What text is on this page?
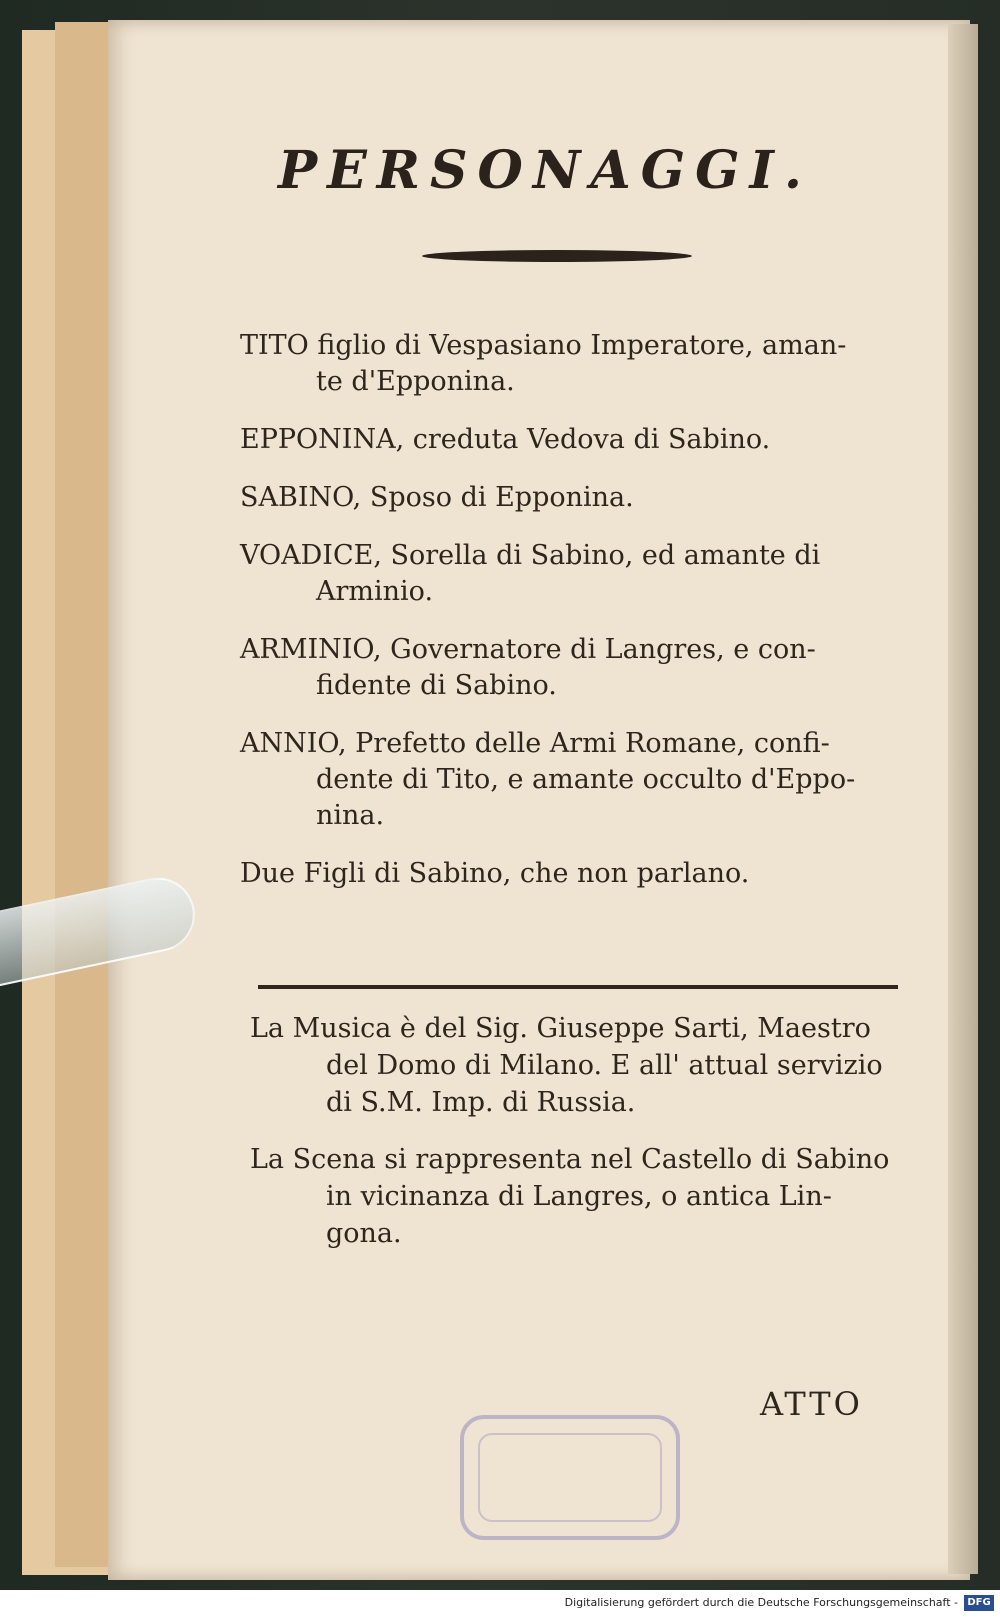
PERSONAGGI.

TITO figlio di Vespasiano Imperatore, aman-
te d'Epponina.

EPPONINA, creduta Vedova di Sabino.

SABINO, Sposo di Epponina.

VOADICE, Sorella di Sabino, ed amante di
Arminio.

ARMINIO, Governatore di Langres, e con-
fidente di Sabino.

ANNIO, Prefetto delle Armi Romane, confi-
dente di Tito, e amante occulto d'Eppo-
nina.

Due Figli di Sabino, che non parlano.

La Musica è del Sig. Giuseppe Sarti, Maestro
del Domo di Milano. E all' attual servizio
di S.M. Imp. di Russia.

La Scena si rappresenta nel Castello di Sabino
in vicinanza di Langres, o antica Lin-
gona.

ATTO
Digitalisierung gefördert durch die Deutsche Forschungsgemeinschaft - DFG
